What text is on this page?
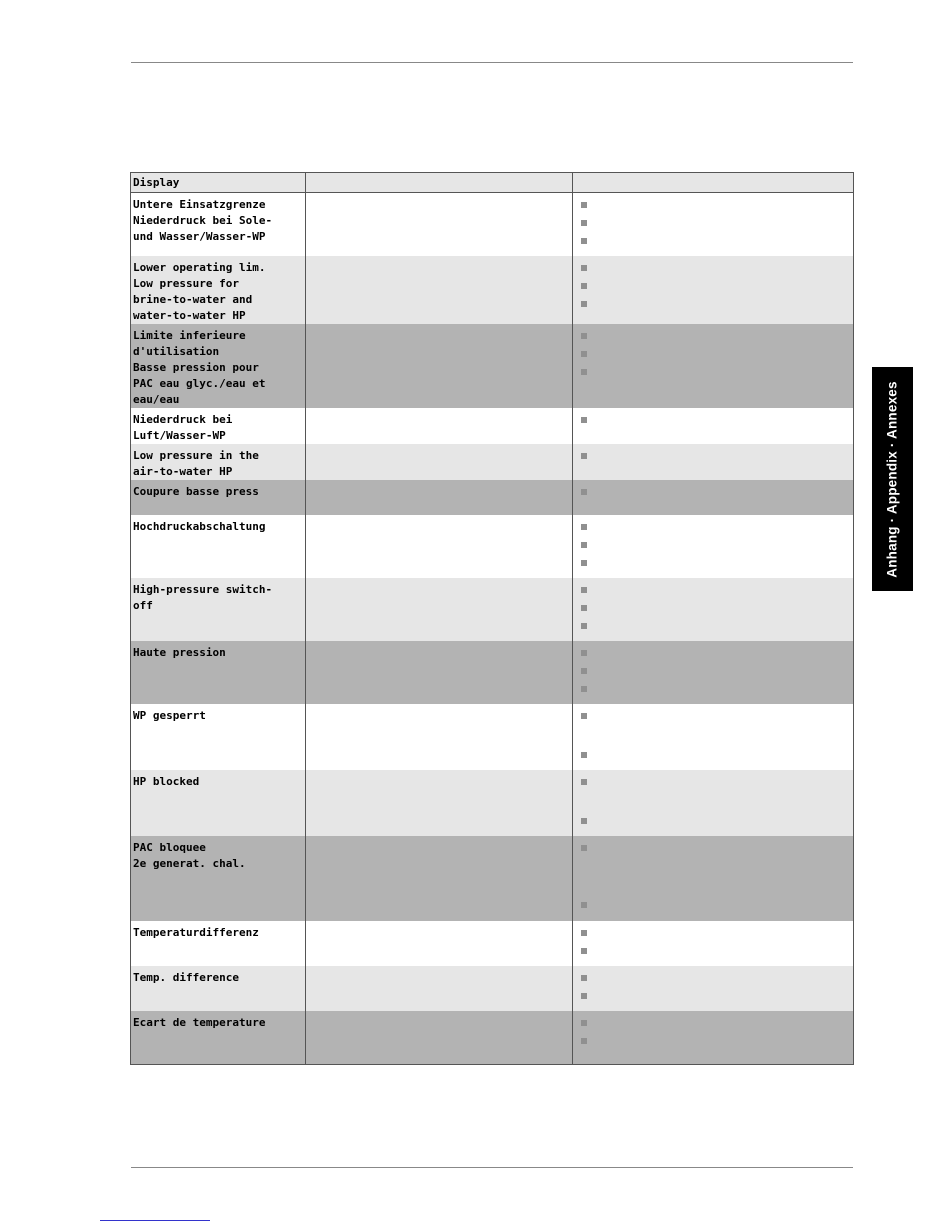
Anhang · Appendix · Annexes
Display		

Untere Einsatzgrenze
Niederdruck bei Sole-
und Wasser/Wasser-WP		

Lower operating lim.
Low pressure for
brine-to-water and
water-to-water HP		

Limite inferieure
d'utilisation
Basse pression pour
PAC eau glyc./eau et
eau/eau		

Niederdruck bei
Luft/Wasser-WP		

Low pressure in the
air-to-water HP		

Coupure basse press		

Hochdruckabschaltung		

High-pressure switch-
off		

Haute pression		

WP gesperrt		

HP blocked		

PAC bloquee
2e generat. chal.		

Temperaturdifferenz		

Temp. difference		

Ecart de temperature		
